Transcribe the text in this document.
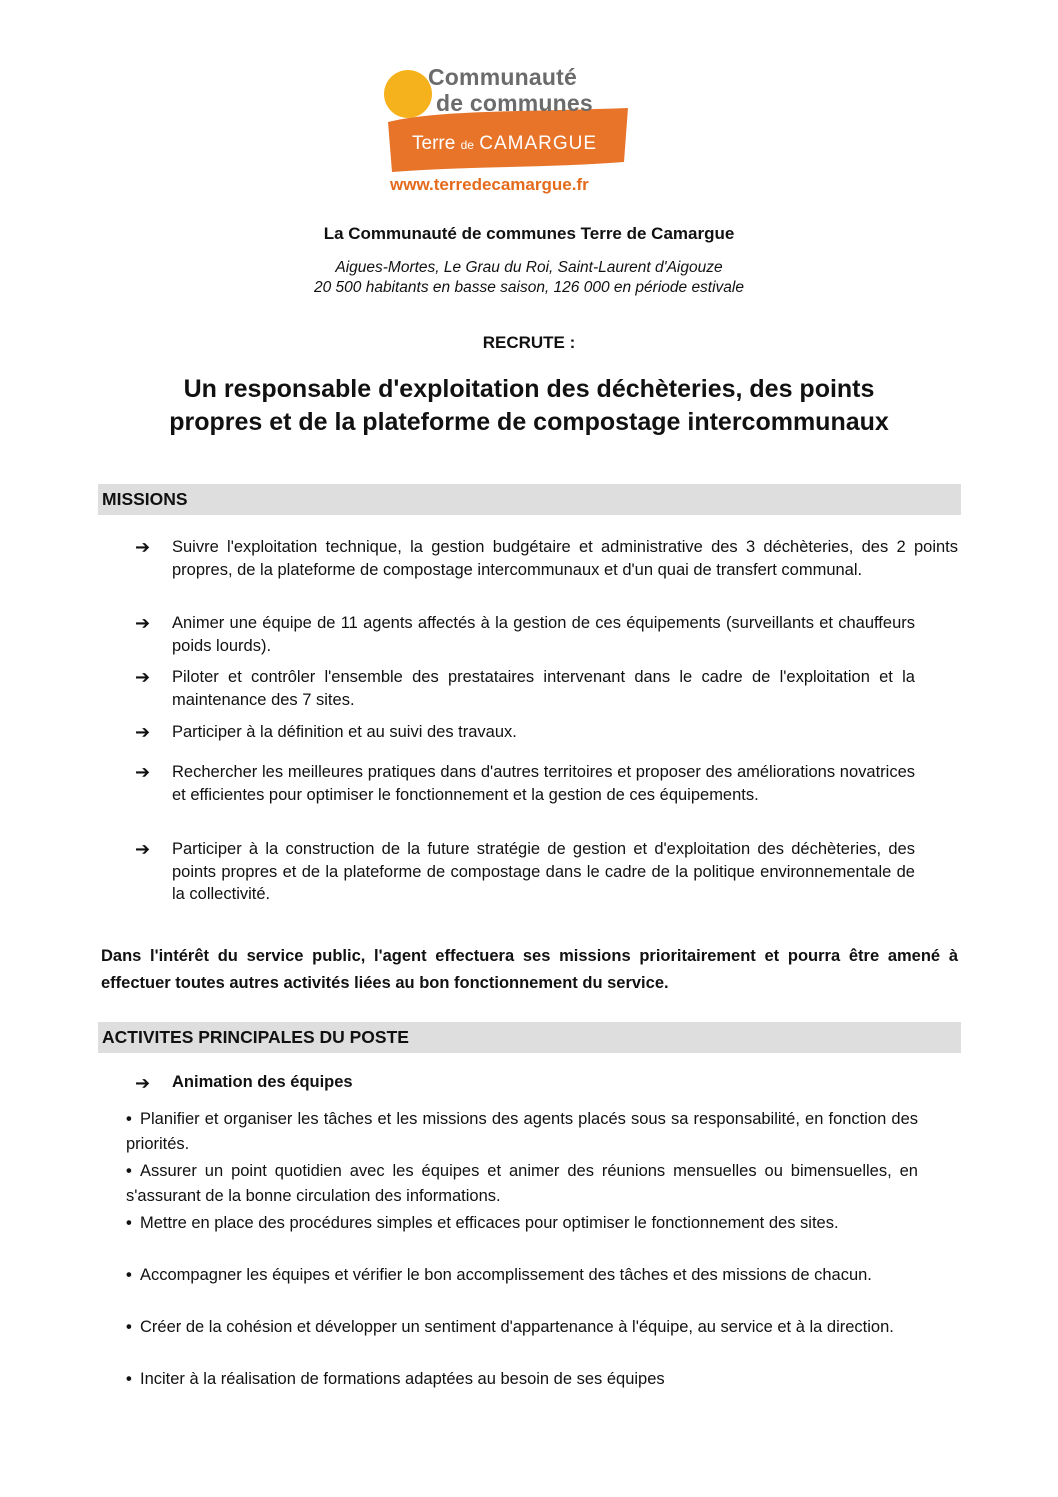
Communauté
de communes
Terre de CAMARGUE
www.terredecamargue.fr
La Communauté de communes Terre de Camargue
Aigues-Mortes, Le Grau du Roi, Saint-Laurent d'Aigouze
20 500 habitants en basse saison, 126 000 en période estivale
RECRUTE :
Un responsable d'exploitation des déchèteries, des points
propres et de la plateforme de compostage intercommunaux
MISSIONS
➔ Suivre l'exploitation technique, la gestion budgétaire et administrative des 3 déchèteries, des 2 points propres, de la plateforme de compostage intercommunaux et d'un quai de transfert communal.
➔ Animer une équipe de 11 agents affectés à la gestion de ces équipements (surveillants et chauffeurs poids lourds).
➔ Piloter et contrôler l'ensemble des prestataires intervenant dans le cadre de l'exploitation et la maintenance des 7 sites.
➔ Participer à la définition et au suivi des travaux.
➔ Rechercher les meilleures pratiques dans d'autres territoires et proposer des améliorations novatrices et efficientes pour optimiser le fonctionnement et la gestion de ces équipements.
➔ Participer à la construction de la future stratégie de gestion et d'exploitation des déchèteries, des points propres et de la plateforme de compostage dans le cadre de la politique environnementale de la collectivité.
Dans l'intérêt du service public, l'agent effectuera ses missions prioritairement et pourra être amené à effectuer toutes autres activités liées au bon fonctionnement du service.
ACTIVITES PRINCIPALES DU POSTE
➔ Animation des équipes
• Planifier et organiser les tâches et les missions des agents placés sous sa responsabilité, en fonction des priorités.
• Assurer un point quotidien avec les équipes et animer des réunions mensuelles ou bimensuelles, en s'assurant de la bonne circulation des informations.
• Mettre en place des procédures simples et efficaces pour optimiser le fonctionnement des sites.
• Accompagner les équipes et vérifier le bon accomplissement des tâches et des missions de chacun.
• Créer de la cohésion et développer un sentiment d'appartenance à l'équipe, au service et à la direction.
• Inciter à la réalisation de formations adaptées au besoin de ses équipes
